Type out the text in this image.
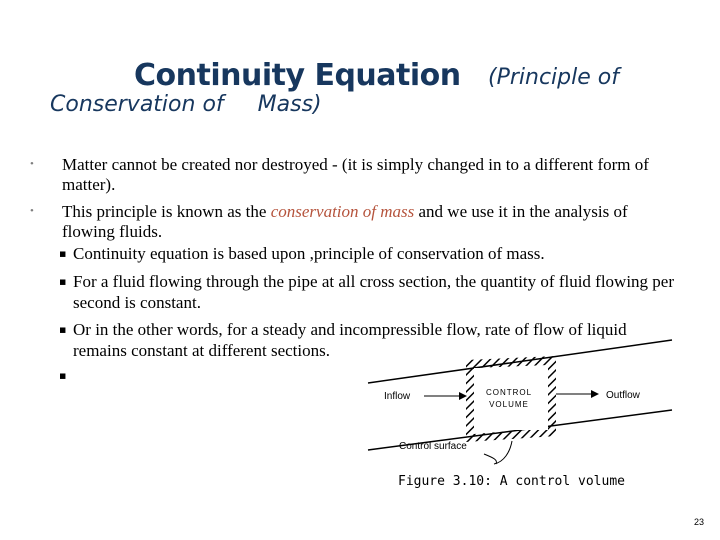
Continuity Equation (Principle of
Conservation of Mass)
• Matter cannot be created nor destroyed - (it is simply changed in to a different form of matter).

• This principle is known as the conservation of mass and we use it in the analysis of flowing fluids.

▪ Continuity equation is based upon ,principle of conservation of mass.

▪ For a fluid flowing through the pipe at all cross section, the quantity of fluid flowing per second is constant.

▪ Or in the other words, for a steady and incompressible flow, rate of flow of liquid remains constant at different sections.

▪

Inflow	Outflow
CONTROL
VOLUME
Control surface
Figure 3.10: A control volume
23
